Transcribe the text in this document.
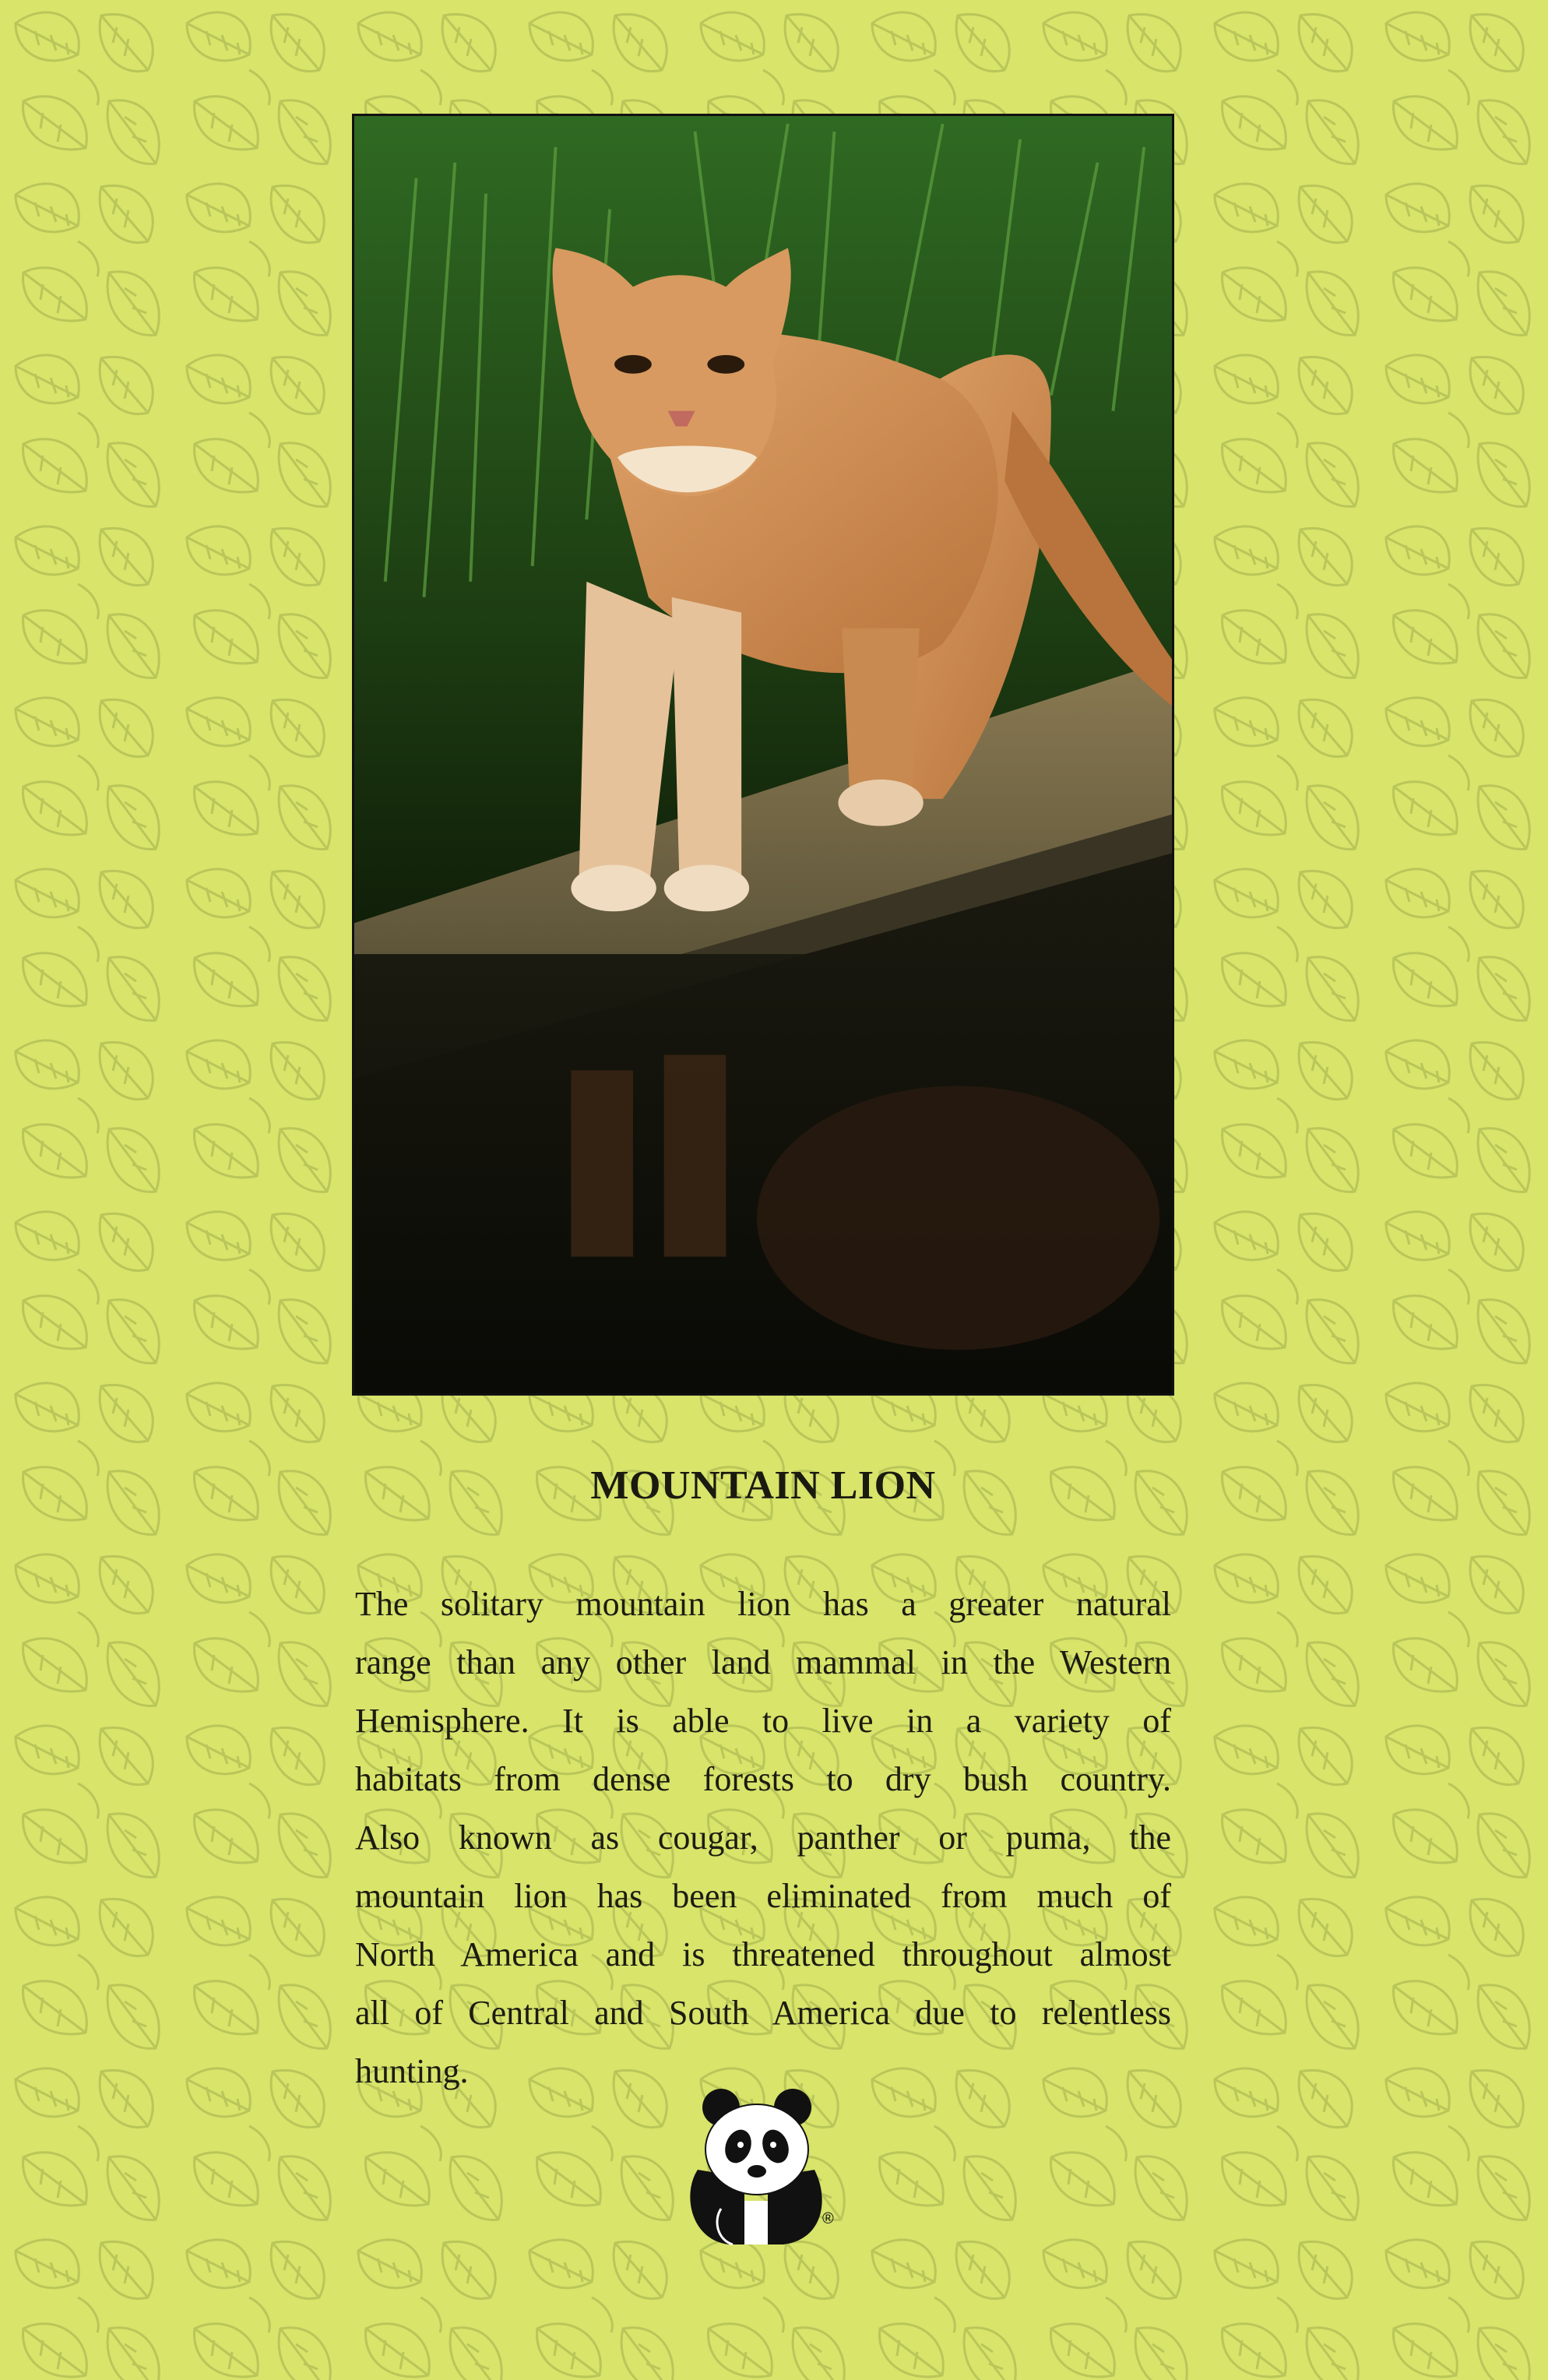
MOUNTAIN LION
The solitary mountain lion has a greater natural
range than any other land mammal in the Western
Hemisphere. It is able to live in a variety of
habitats from dense forests to dry bush country.
Also known as cougar, panther or puma, the
mountain lion has been eliminated from much of
North America and is threatened throughout almost
all of Central and South America due to relentless
hunting.
®
